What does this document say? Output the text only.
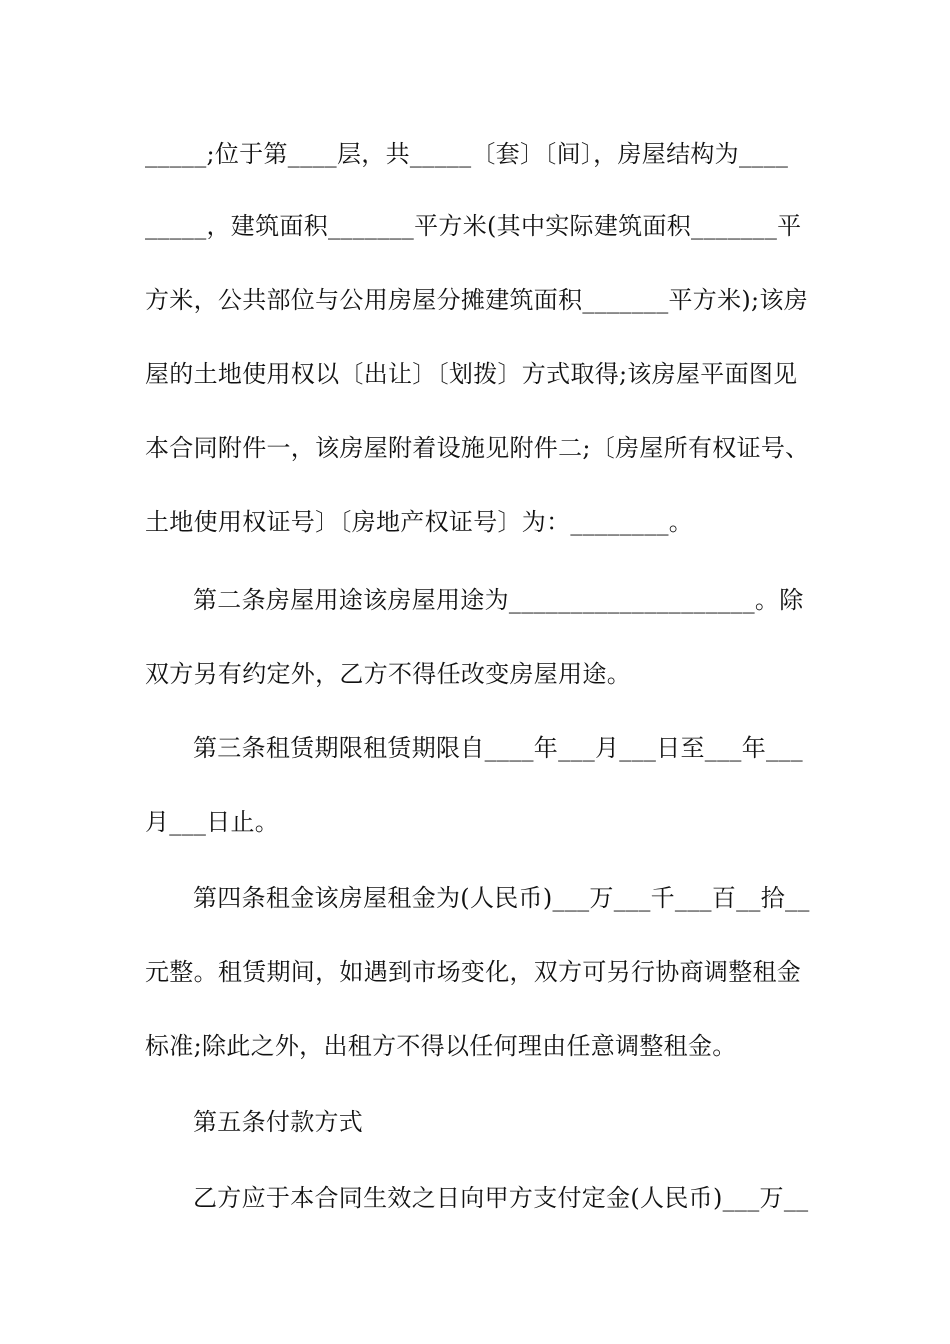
_____;位于第____层，共_____〔套〕〔间〕，房屋结构为____
_____，建筑面积_______平方米(其中实际建筑面积_______平
方米，公共部位与公用房屋分摊建筑面积_______平方米);该房
屋的土地使用权以〔出让〕〔划拨〕方式取得;该房屋平面图见
本合同附件一，该房屋附着设施见附件二;〔房屋所有权证号、
土地使用权证号〕〔房地产权证号〕为：________。
第二条房屋用途该房屋用途为____________________。除
双方另有约定外，乙方不得任改变房屋用途。
第三条租赁期限租赁期限自____年___月___日至___年___
月___日止。
第四条租金该房屋租金为(人民币)___万___千___百__拾__
元整。租赁期间，如遇到市场变化，双方可另行协商调整租金
标准;除此之外，出租方不得以任何理由任意调整租金。
第五条付款方式
乙方应于本合同生效之日向甲方支付定金(人民币)___万__
